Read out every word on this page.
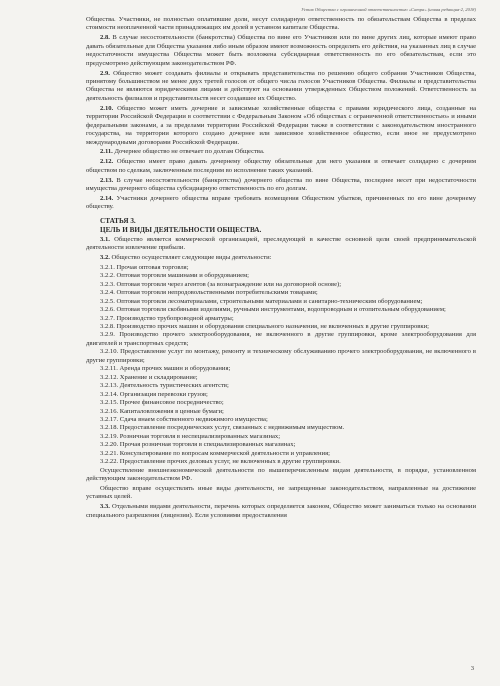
Устав Общества с ограниченной ответственностью «Сатра» (новая редакция-2, 2018)

Общества. Участники, не полностью оплатившие доли, несут солидарную ответственность по обязательствам Общества в пределах стоимости неоплаченной части принадлежащих им долей в уставном капитале Общества.

2.8. В случае несостоятельности (банкротства) Общества по вине его Участников или по вине других лиц, которые имеют право давать обязательные для Общества указания либо иным образом имеют возможность определять его действия, на указанных лиц в случае недостаточности имущества Общества может быть возложена субсидиарная ответственность по его обязательствам, если это предусмотрено действующим законодательством РФ.

2.9. Общество может создавать филиалы и открывать представительства по решению общего собрания Участников Общества, принятому большинством не менее двух третей голосов от общего числа голосов Участников Общества. Филиалы и представительства Общества не являются юридическими лицами и действуют на основании утвержденных Обществом положений. Ответственность за деятельность филиалов и представительств несет создавшее их Общество.

2.10. Общество может иметь дочерние и зависимые хозяйственные общества с правами юридического лица, созданные на территории Российской Федерации в соответствии с Федеральным Законом «Об обществах с ограниченной ответственностью» и иными федеральными законами, а за пределами территории Российской Федерации также в соответствии с законодательством иностранного государства, на территории которого создано дочернее или зависимое хозяйственное общество, если иное не предусмотрено международными договорами Российской Федерации.

2.11. Дочернее общество не отвечает по долгам Общества.

2.12. Общество имеет право давать дочернему обществу обязательные для него указания и отвечает солидарно с дочерним обществом по сделкам, заключенным последним во исполнение таких указаний.

2.13. В случае несостоятельности (банкротства) дочернего общества по вине Общества, последнее несет при недостаточности имущества дочернего общества субсидиарную ответственность по его долгам.

2.14. Участники дочернего общества вправе требовать возмещения Обществом убытков, причиненных по его вине дочернему обществу.

СТАТЬЯ 3.
ЦЕЛЬ И ВИДЫ ДЕЯТЕЛЬНОСТИ ОБЩЕСТВА.

3.1. Общество является коммерческой организацией, преследующей в качестве основной цели своей предпринимательской деятельности извлечение прибыли.

3.2. Общество осуществляет следующие виды деятельности:

3.2.1. Прочая оптовая торговля;

3.2.2. Оптовая торговля машинами и оборудованием;

3.2.3. Оптовая торговля через агентов (за вознаграждение или на договорной основе);

3.2.4. Оптовая торговля непродовольственными потребительскими товарами;

3.2.5. Оптовая торговля лесоматериалами, строительными материалами и санитарно-техническим оборудованием;

3.2.6. Оптовая торговля скобяными изделиями, ручными инструментами, водопроводным и отопительным оборудованием;

3.2.7. Производство трубопроводной арматуры;

3.2.8. Производство прочих машин и оборудования специального назначения, не включенных в другие группировки;

3.2.9. Производство прочего электрооборудования, не включенного в другие группировки, кроме электрооборудования для двигателей и транспортных средств;

3.2.10. Предоставление услуг по монтажу, ремонту и техническому обслуживанию прочего электрооборудования, не включенного в другие группировки;

3.2.11. Аренда прочих машин и оборудования;

3.2.12. Хранение и складирование;

3.2.13. Деятельность туристических агентств;

3.2.14. Организация перевозки грузов;

3.2.15. Прочее финансовое посредничество;

3.2.16. Капиталовложения в ценные бумаги;

3.2.17. Сдача внаем собственного недвижимого имущества;

3.2.18. Предоставление посреднических услуг, связанных с недвижимым имуществом.

3.2.19. Розничная торговля в неспециализированных магазинах;

3.2.20. Прочая розничная торговля в специализированных магазинах;

3.2.21. Консультирование по вопросам коммерческой деятельности и управления;

3.2.22. Предоставление прочих деловых услуг, не включенных в другие группировки.

Осуществление внешнеэкономической деятельности по вышеперечисленным видам деятельности, в порядке, установленном действующим законодательством РФ.

Общество вправе осуществлять иные виды деятельности, не запрещенные законодательством, направленные на достижение уставных целей.

3.3. Отдельными видами деятельности, перечень которых определяется законом, Общество может заниматься только на основании специального разрешения (лицензии). Если условиями предоставления

3
